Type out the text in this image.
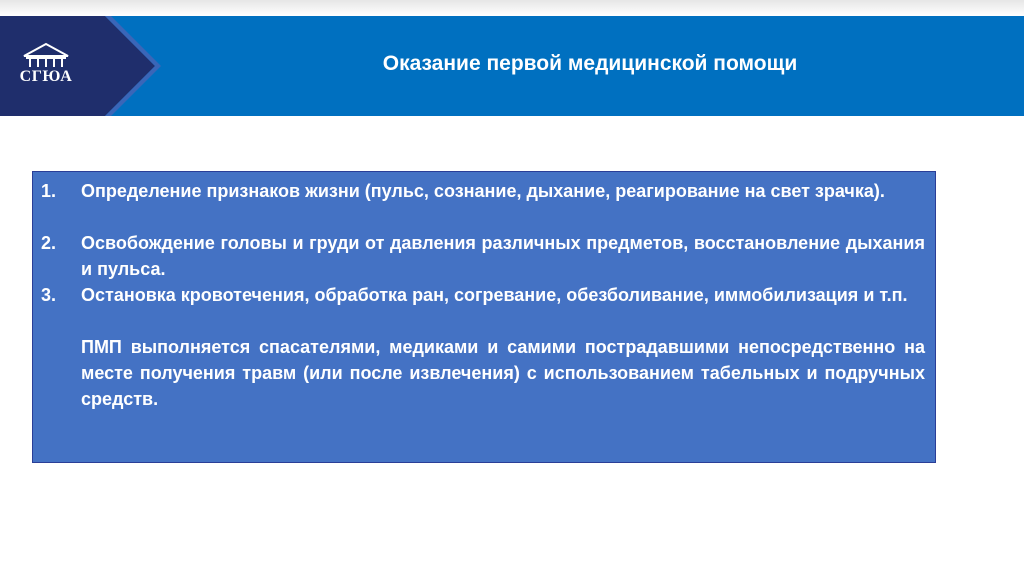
СГЮА
Оказание первой медицинской помощи
1.	Определение признаков жизни (пульс, сознание, дыхание, реагирование на свет зрачка).
2.	Освобождение головы и груди от давления различных предметов, восстановление дыхания и пульса.
3.	Остановка кровотечения, обработка ран, согревание, обезболивание, иммобилизация и т.п.
ПМП выполняется спасателями, медиками и самими пострадавшими непосредственно на месте получения травм (или после извлечения) с использованием табельных и подручных средств.
